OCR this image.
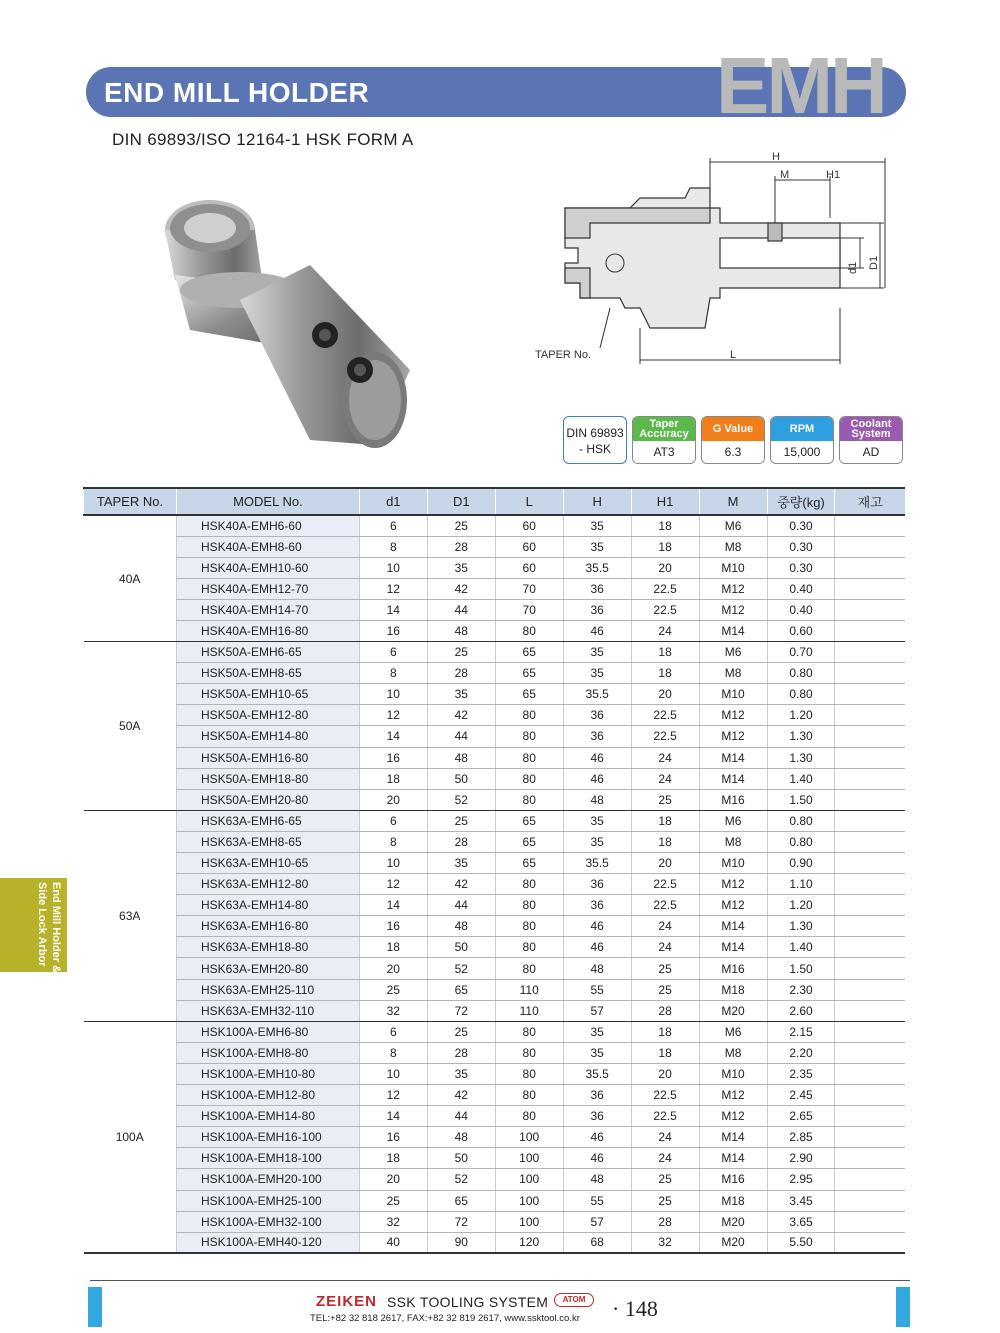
END MILL HOLDER	EMH
DIN 69893/ISO 12164-1 HSK FORM A
H
M	H1
L
TAPER No.
d1 D1
DIN 69893
- HSK
Taper Accuracy
AT3
G Value
6.3
RPM
15,000
Coolant System
AD
End Mill Holder &
Side Lock Arbor
TAPER No.	MODEL No.	d1	D1	L	H	H1	M	중량(kg)	재고
40A	HSK40A-EMH6-60	6	25	60	35	18	M6	0.30	
	HSK40A-EMH8-60	8	28	60	35	18	M8	0.30	
	HSK40A-EMH10-60	10	35	60	35.5	20	M10	0.30	
	HSK40A-EMH12-70	12	42	70	36	22.5	M12	0.40	
	HSK40A-EMH14-70	14	44	70	36	22.5	M12	0.40	
	HSK40A-EMH16-80	16	48	80	46	24	M14	0.60	
50A	HSK50A-EMH6-65	6	25	65	35	18	M6	0.70	
	HSK50A-EMH8-65	8	28	65	35	18	M8	0.80	
	HSK50A-EMH10-65	10	35	65	35.5	20	M10	0.80	
	HSK50A-EMH12-80	12	42	80	36	22.5	M12	1.20	
	HSK50A-EMH14-80	14	44	80	36	22.5	M12	1.30	
	HSK50A-EMH16-80	16	48	80	46	24	M14	1.30	
	HSK50A-EMH18-80	18	50	80	46	24	M14	1.40	
	HSK50A-EMH20-80	20	52	80	48	25	M16	1.50	
63A	HSK63A-EMH6-65	6	25	65	35	18	M6	0.80	
	HSK63A-EMH8-65	8	28	65	35	18	M8	0.80	
	HSK63A-EMH10-65	10	35	65	35.5	20	M10	0.90	
	HSK63A-EMH12-80	12	42	80	36	22.5	M12	1.10	
	HSK63A-EMH14-80	14	44	80	36	22.5	M12	1.20	
	HSK63A-EMH16-80	16	48	80	46	24	M14	1.30	
	HSK63A-EMH18-80	18	50	80	46	24	M14	1.40	
	HSK63A-EMH20-80	20	52	80	48	25	M16	1.50	
	HSK63A-EMH25-110	25	65	110	55	25	M18	2.30	
	HSK63A-EMH32-110	32	72	110	57	28	M20	2.60	
100A	HSK100A-EMH6-80	6	25	80	35	18	M6	2.15	
	HSK100A-EMH8-80	8	28	80	35	18	M8	2.20	
	HSK100A-EMH10-80	10	35	80	35.5	20	M10	2.35	
	HSK100A-EMH12-80	12	42	80	36	22.5	M12	2.45	
	HSK100A-EMH14-80	14	44	80	36	22.5	M12	2.65	
	HSK100A-EMH16-100	16	48	100	46	24	M14	2.85	
	HSK100A-EMH18-100	18	50	100	46	24	M14	2.90	
	HSK100A-EMH20-100	20	52	100	48	25	M16	2.95	
	HSK100A-EMH25-100	25	65	100	55	25	M18	3.45	
	HSK100A-EMH32-100	32	72	100	57	28	M20	3.65	
	HSK100A-EMH40-120	40	90	120	68	32	M20	5.50	
ZEIKEN SSK TOOLING SYSTEM	ATOM
TEL:+82 32 818 2617, FAX:+82 32 819 2617, www.ssktool.co.kr · 148
